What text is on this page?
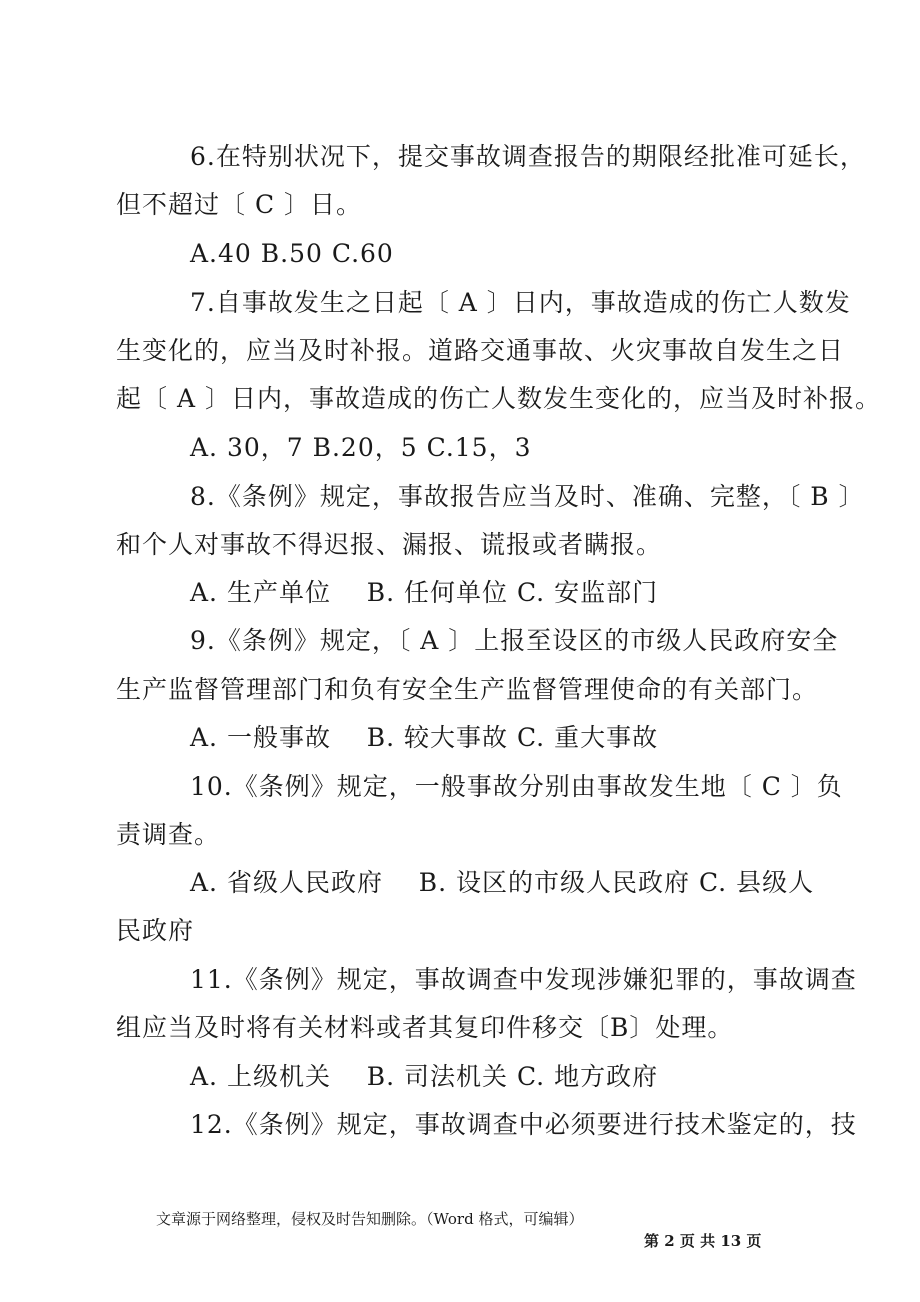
6.在特别状况下，提交事故调查报告的期限经批准可延长，
但不超过〔 C 〕日。
A.40 B.50 C.60
7.自事故发生之日起〔 A 〕日内，事故造成的伤亡人数发
生变化的，应当及时补报。道路交通事故、火灾事故自发生之日
起〔 A 〕日内，事故造成的伤亡人数发生变化的，应当及时补报。
A. 30，7 B.20，5 C.15，3
8.《条例》规定，事故报告应当及时、准确、完整，〔 B 〕
和个人对事故不得迟报、漏报、谎报或者瞒报。
A. 生产单位    B. 任何单位 C. 安监部门
9.《条例》规定，〔 A 〕上报至设区的市级人民政府安全
生产监督管理部门和负有安全生产监督管理使命的有关部门。
A. 一般事故    B. 较大事故 C. 重大事故
10.《条例》规定，一般事故分别由事故发生地〔 C 〕负
责调查。
A. 省级人民政府    B. 设区的市级人民政府 C. 县级人
民政府
11.《条例》规定，事故调查中发现涉嫌犯罪的，事故调查
组应当及时将有关材料或者其复印件移交〔B〕处理。
A. 上级机关    B. 司法机关 C. 地方政府
12.《条例》规定，事故调查中必须要进行技术鉴定的，技

文章源于网络整理，侵权及时告知删除。（Word 格式，可编辑）

第 2 页 共 13 页
